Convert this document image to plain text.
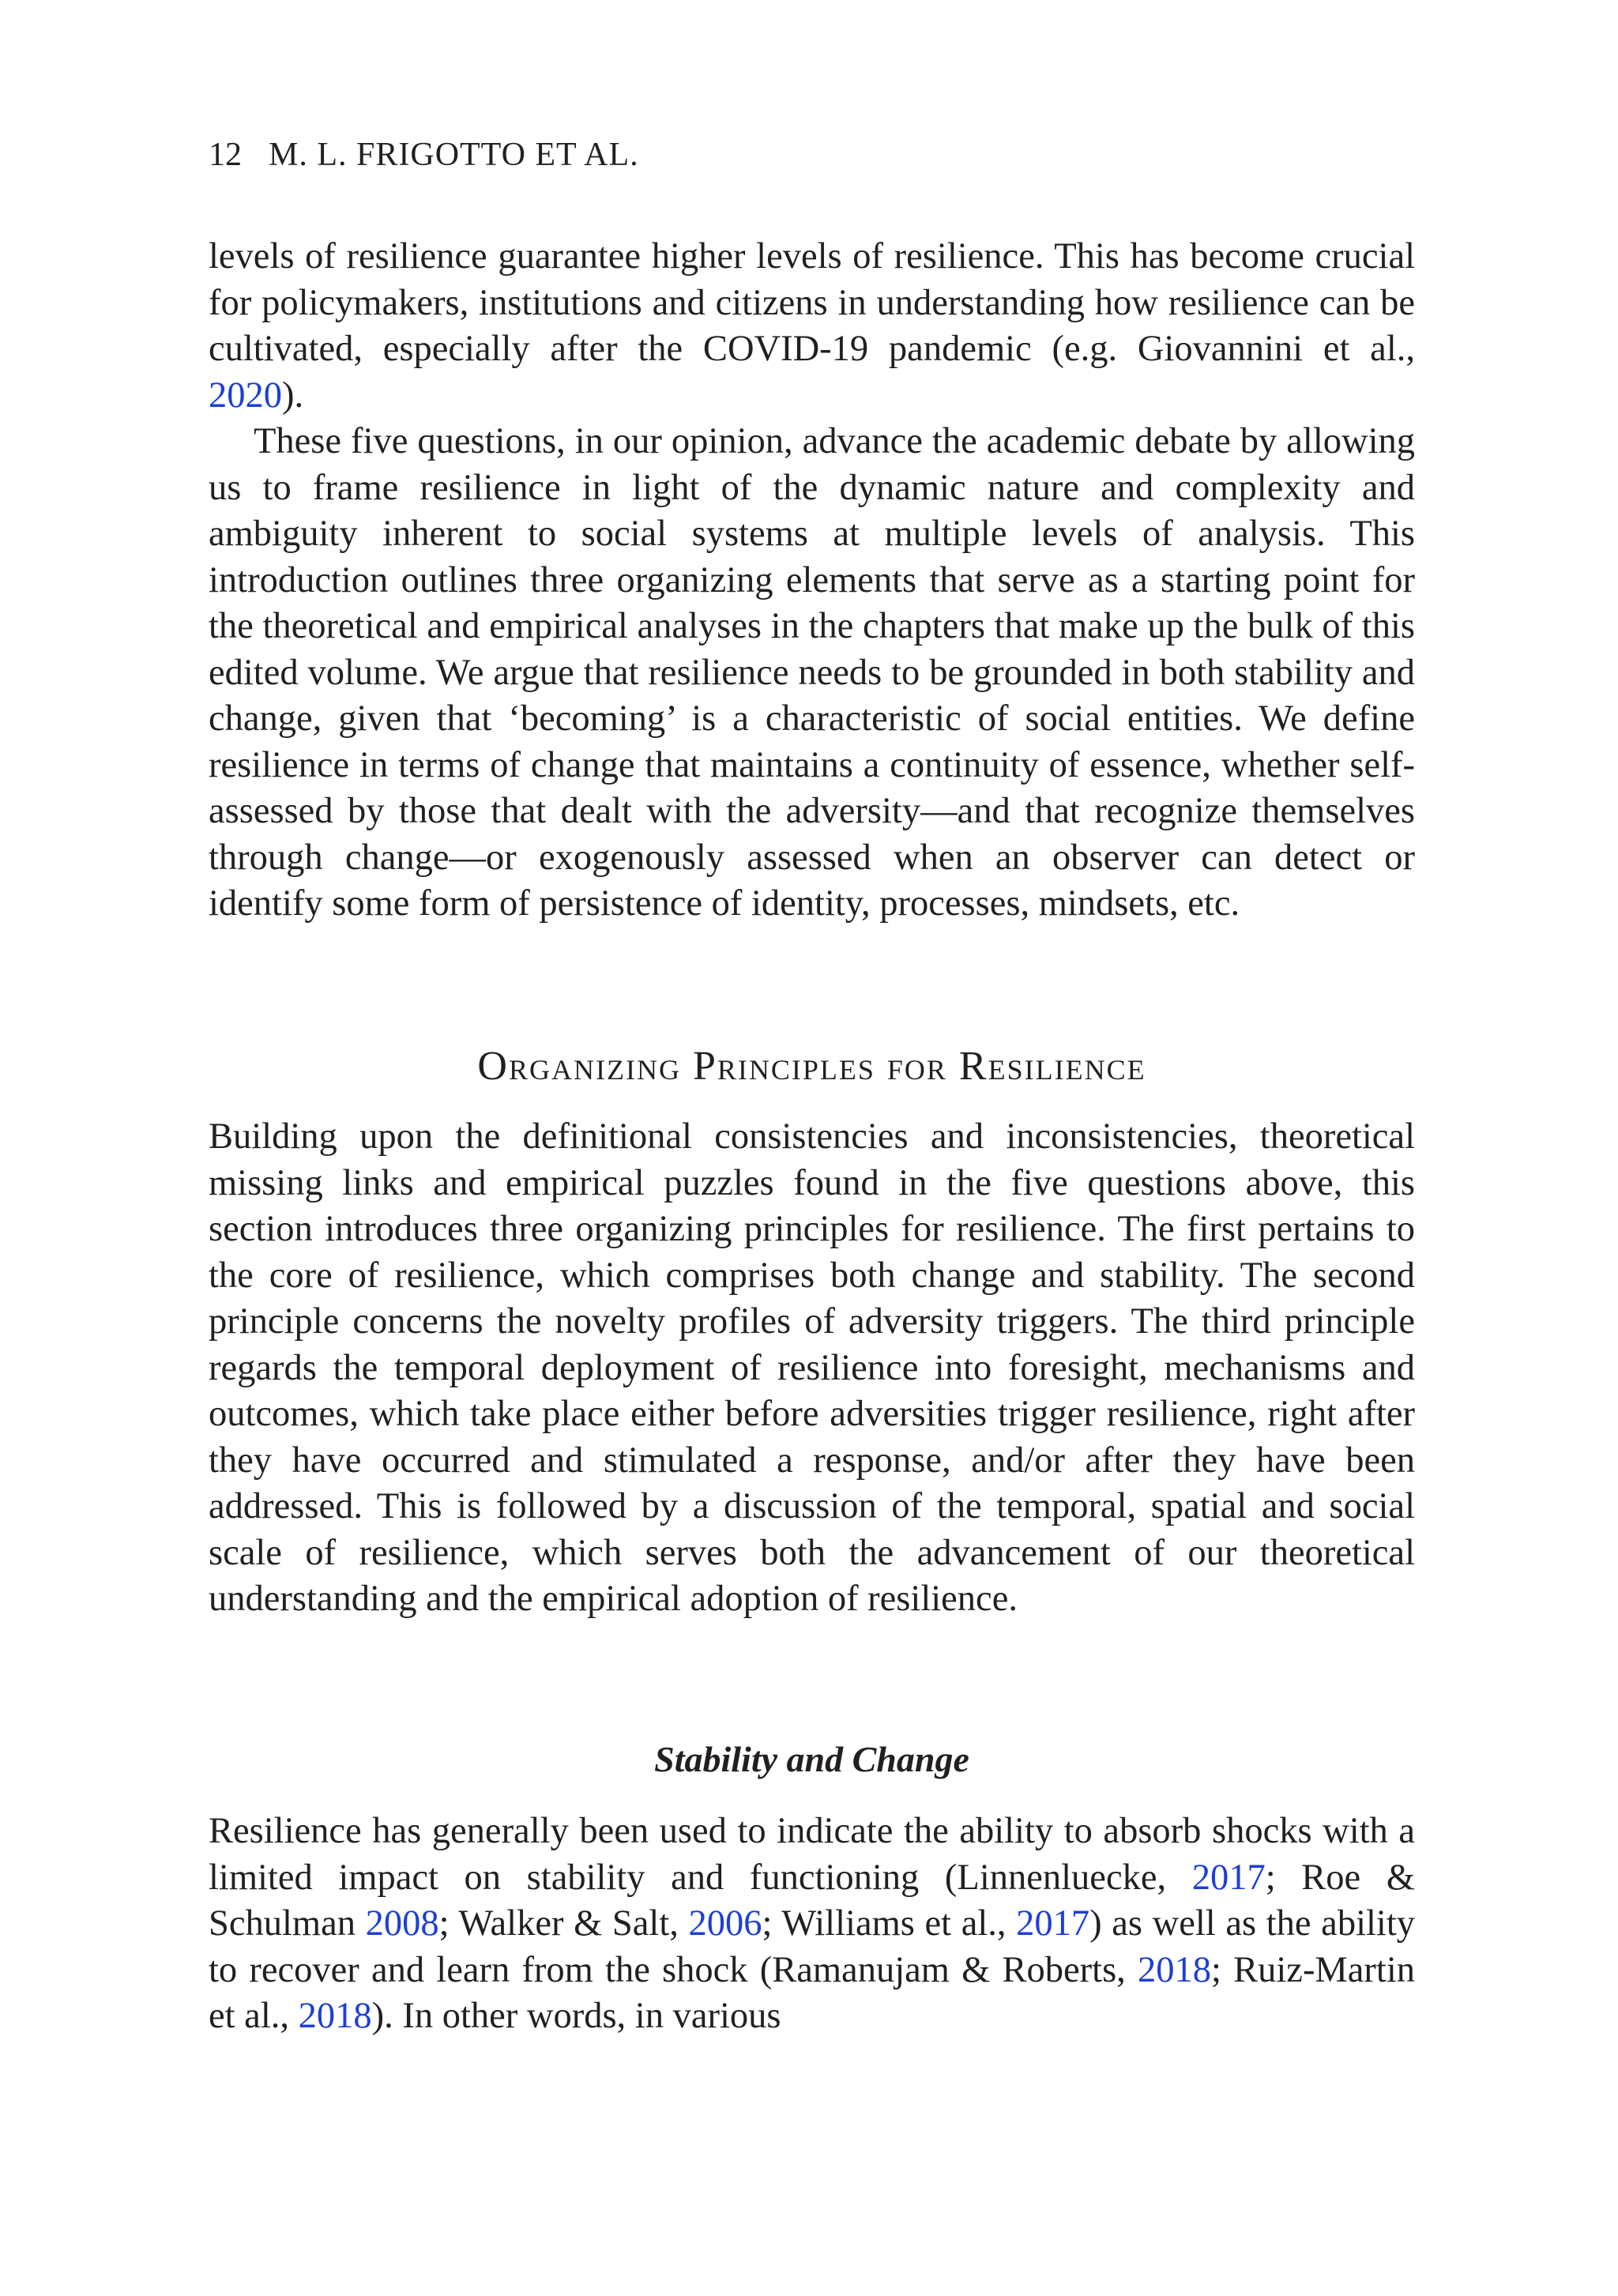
12 M. L. FRIGOTTO ET AL.

levels of resilience guarantee higher levels of resilience. This has become crucial for policymakers, institutions and citizens in understanding how resilience can be cultivated, especially after the COVID-19 pandemic (e.g. Giovannini et al., 2020).

These five questions, in our opinion, advance the academic debate by allowing us to frame resilience in light of the dynamic nature and complexity and ambiguity inherent to social systems at multiple levels of analysis. This introduction outlines three organizing elements that serve as a starting point for the theoretical and empirical analyses in the chapters that make up the bulk of this edited volume. We argue that resilience needs to be grounded in both stability and change, given that ‘becoming’ is a characteristic of social entities. We define resilience in terms of change that maintains a continuity of essence, whether self-assessed by those that dealt with the adversity—and that recognize themselves through change—or exogenously assessed when an observer can detect or identify some form of persistence of identity, processes, mindsets, etc.

Organizing Principles for Resilience

Building upon the definitional consistencies and inconsistencies, theoretical missing links and empirical puzzles found in the five questions above, this section introduces three organizing principles for resilience. The first pertains to the core of resilience, which comprises both change and stability. The second principle concerns the novelty profiles of adversity triggers. The third principle regards the temporal deployment of resilience into foresight, mechanisms and outcomes, which take place either before adversities trigger resilience, right after they have occurred and stimulated a response, and/or after they have been addressed. This is followed by a discussion of the temporal, spatial and social scale of resilience, which serves both the advancement of our theoretical understanding and the empirical adoption of resilience.

Stability and Change

Resilience has generally been used to indicate the ability to absorb shocks with a limited impact on stability and functioning (Linnenluecke, 2017; Roe & Schulman 2008; Walker & Salt, 2006; Williams et al., 2017) as well as the ability to recover and learn from the shock (Ramanujam & Roberts, 2018; Ruiz-Martin et al., 2018). In other words, in various
